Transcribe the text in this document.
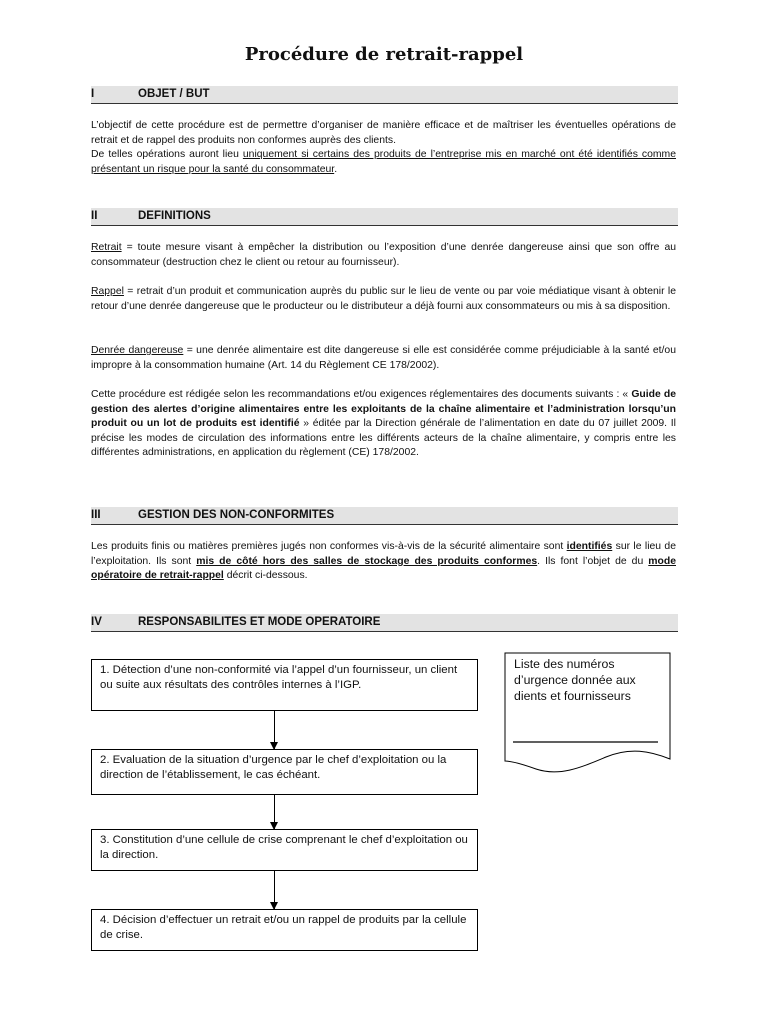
Procédure de retrait-rappel
I	OBJET / BUT

L’objectif de cette procédure est de permettre d’organiser de manière efficace et de maîtriser les éventuelles opérations de retrait et de rappel des produits non conformes auprès des clients.
De telles opérations auront lieu uniquement si certains des produits de l’entreprise mis en marché ont été identifiés comme présentant un risque pour la santé du consommateur.

II	DEFINITIONS

Retrait = toute mesure visant à empêcher la distribution ou l’exposition d’une denrée dangereuse ainsi que son offre au consommateur (destruction chez le client ou retour au fournisseur).

Rappel = retrait d’un produit et communication auprès du public sur le lieu de vente ou par voie médiatique visant à obtenir le retour d’une denrée dangereuse que le producteur ou le distributeur a déjà fourni aux consommateurs ou mis à sa disposition.

Denrée dangereuse = une denrée alimentaire est dite dangereuse si elle est considérée comme préjudiciable à la santé et/ou impropre à la consommation humaine (Art. 14 du Règlement CE 178/2002).

Cette procédure est rédigée selon les recommandations et/ou exigences réglementaires des documents suivants : « Guide de gestion des alertes d’origine alimentaires entre les exploitants de la chaîne alimentaire et l’administration lorsqu’un produit ou un lot de produits est identifié » éditée par la Direction générale de l’alimentation en date du 07 juillet 2009. Il précise les modes de circulation des informations entre les différents acteurs de la chaîne alimentaire, y compris entre les différentes administrations, en application du règlement (CE) 178/2002.

III	GESTION DES NON-CONFORMITES

Les produits finis ou matières premières jugés non conformes vis-à-vis de la sécurité alimentaire sont identifiés sur le lieu de l’exploitation. Ils sont mis de côté hors des salles de stockage des produits conformes. Ils font l’objet de du mode opératoire de retrait-rappel décrit ci-dessous.

IV	RESPONSABILITES ET MODE OPERATOIRE
1. Détection d’une non-conformité via l’appel d’un fournisseur, un client ou suite aux résultats des contrôles internes à l’IGP.
2. Evaluation de la situation d’urgence par le chef d’exploitation ou la direction de l’établissement, le cas échéant.
3. Constitution d’une cellule de crise comprenant le chef d’exploitation ou la direction.
4. Décision d’effectuer un retrait et/ou un rappel de produits par la cellule de crise.

Liste des numéros d’urgence donnée aux dients et fournisseurs
